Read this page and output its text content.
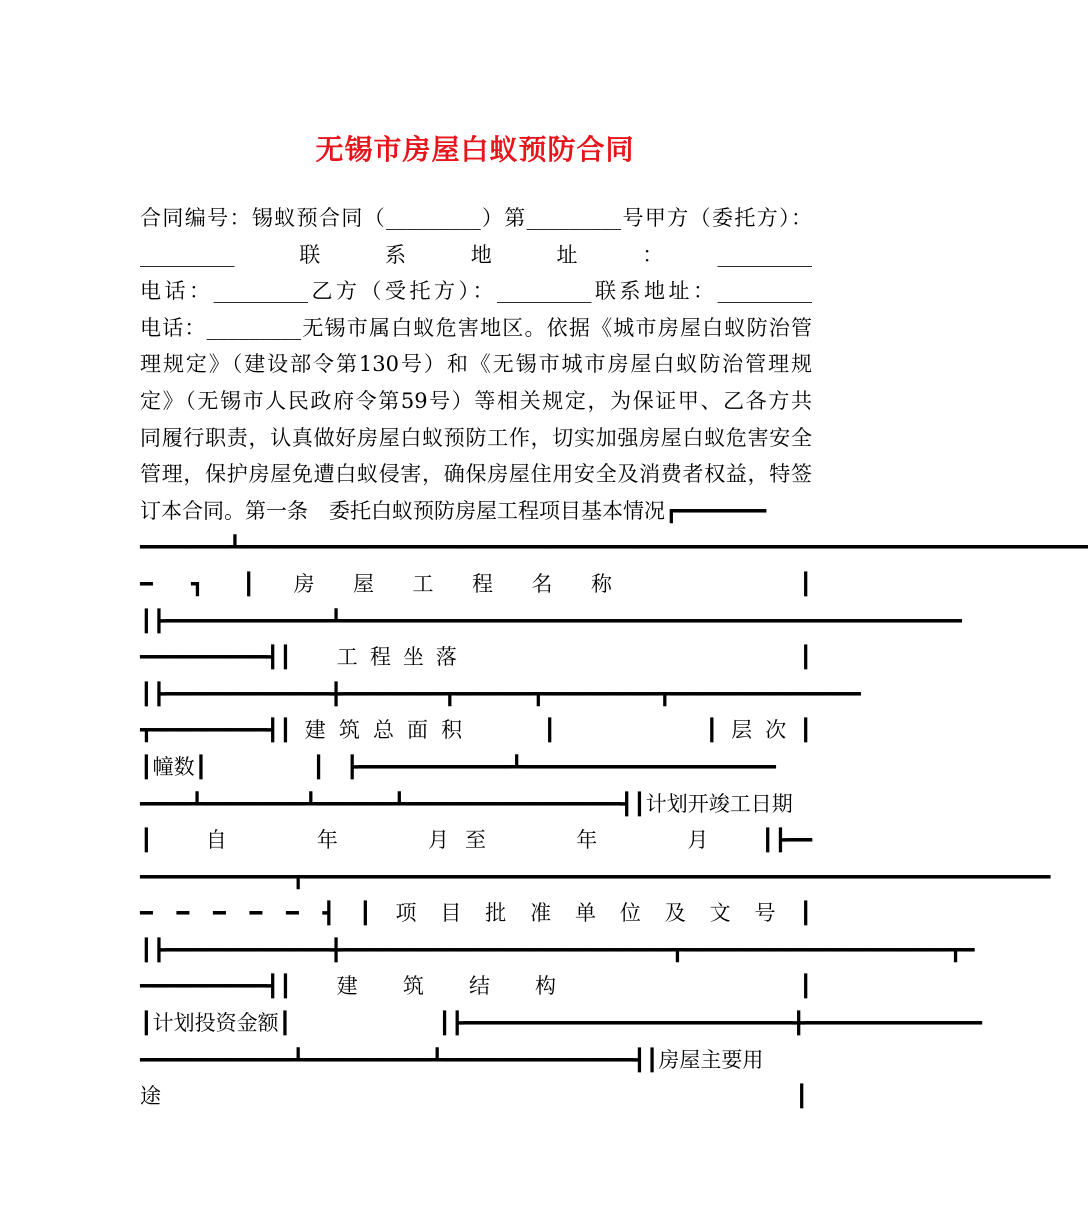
无锡市房屋白蚁预防合同
合同编号：锡蚁预合同（_________）第_________号甲方（委托方）：
_________　　联　　系　　地　　址　　：　　_________
电话：_________乙方（受托方）：_________联系地址：_________
电话：_________无锡市属白蚁危害地区。依据《城市房屋白蚁防治管
理规定》（建设部令第130号）和《无锡市城市房屋白蚁防治管理规
定》（无锡市人民政府令第59号）等相关规定，为保证甲、乙各方共
同履行职责，认真做好房屋白蚁预防工作，切实加强房屋白蚁危害安全
管理，保护房屋免遭白蚁侵害，确保房屋住用安全及消费者权益，特签
订本合同。第一条　委托白蚁预防房屋工程项目基本情况┏━━━━━━━
━━━━━━━┻━━━━━━━━━━━━━━━━━━━━━━━━━━━━━━━━━━━━━━━━━━━━━━━━━━━━━━━━━━━━━━━━━━━
━　┓　┃　房　屋　工　程　名　称　　　　　　┃
┃┣━━━━━━━━━━━━━┻━━━━━━━━━━━━━━━━━━━━━━━━━━━━━━━━━━━━━━━━━━━━━━━━━
━━━━━━━━━━┫┃　工程坐落　　　　　　　　　　┃
┃┣━━━━━━━━━━━━━╋━━━━━━━━┳━━━━━━┳━━━━━━━━━┳━━━━━━━━━━━━━━━
┳━━━━━━━━━┫┃建筑总面积　　┃　　　　┃层次┃
┃幢数┃　　　　　┃　┣━━━━━━━━━━━━┻━━━━━━━━━━━━━━━━━━━━
━━━━┻━━━━━━━━┻━━━━━━┻━━━━━━━━━━━━━━━━━┫┃计划开竣工日期
┃　自　　年　　月至　　年　　月　┃┣━━
━━━━━━━━━━━━┳━━━━━━━━━━━━━━━━━━━━━━━━━━━━━━━━━━━━━━━━━━━━━━━━━━━━━━━━━━━
━　━　━　━　━　┫　┃　项　目　批　准　单　位　及　文　号　┃
┃┣━━━━━━━━━━━━━╋━━━━━━━━━━━━━━━━━━━━━━━━━━┳━━━━━━━━━━━━━━━━━━━━━┳━
━━━━━━━━━━┫┃　建　筑　结　构　　　　　　　┃
┃计划投资金额┃　　　　　　　┃┣━━━━━━━━━━━━━━━━━━━━━━━━━━╋━━━━━━━━━━━━━━
━━━━━━━━━━━━┻━━━━━━━━━━┻━━━━━━━━━━━━━━━┫┃房屋主要用
途	┃
